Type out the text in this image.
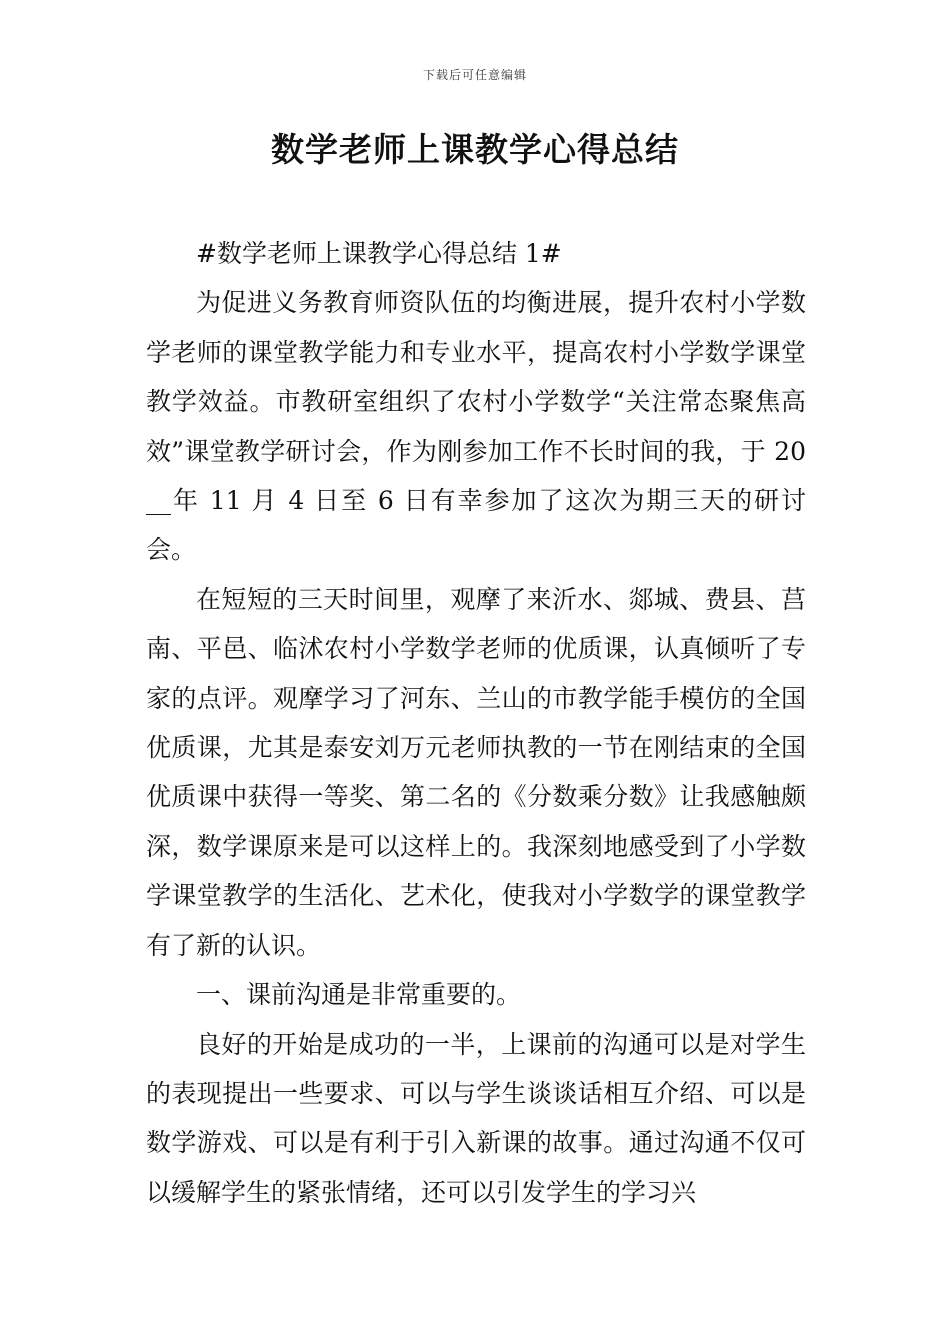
下载后可任意编辑
数学老师上课教学心得总结

#数学老师上课教学心得总结 1#

为促进义务教育师资队伍的均衡进展，提升农村小学数学老师的课堂教学能力和专业水平，提高农村小学数学课堂教学效益。市教研室组织了农村小学数学“关注常态聚焦高效”课堂教学研讨会，作为刚参加工作不长时间的我，于 20__年 11 月 4 日至 6 日有幸参加了这次为期三天的研讨会。

在短短的三天时间里，观摩了来沂水、郯城、费县、莒南、平邑、临沭农村小学数学老师的优质课，认真倾听了专家的点评。观摩学习了河东、兰山的市教学能手模仿的全国优质课，尤其是泰安刘万元老师执教的一节在刚结束的全国优质课中获得一等奖、第二名的《分数乘分数》让我感触颇深，数学课原来是可以这样上的。我深刻地感受到了小学数学课堂教学的生活化、艺术化，使我对小学数学的课堂教学有了新的认识。

一、课前沟通是非常重要的。

良好的开始是成功的一半，上课前的沟通可以是对学生的表现提出一些要求、可以与学生谈谈话相互介绍、可以是数学游戏、可以是有利于引入新课的故事。通过沟通不仅可以缓解学生的紧张情绪，还可以引发学生的学习兴
